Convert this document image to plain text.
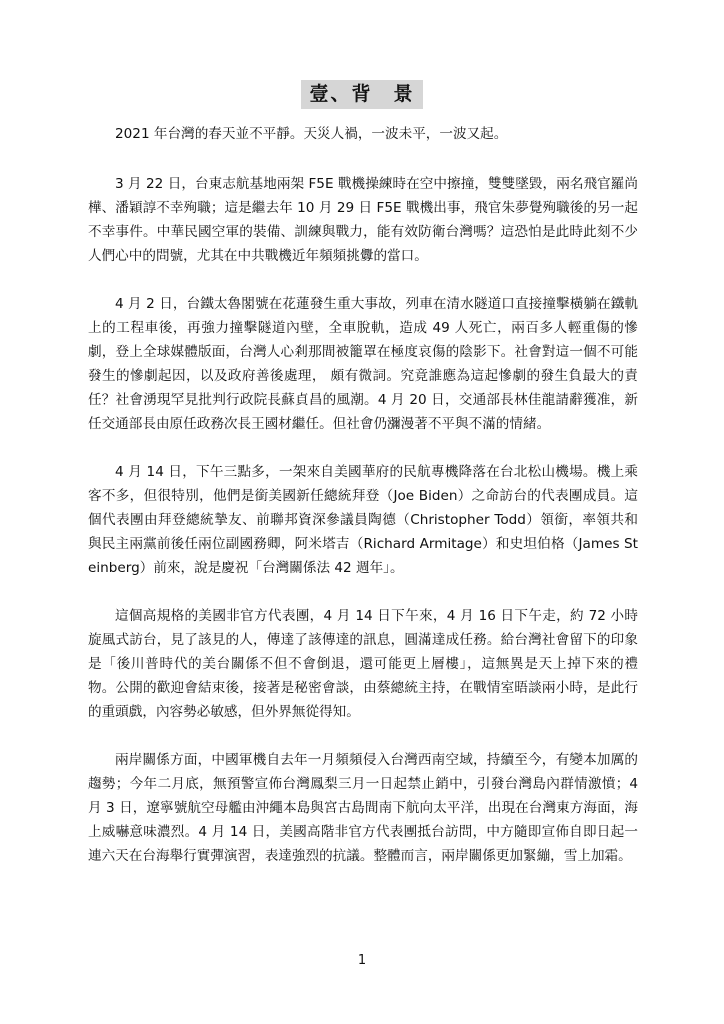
壹、背　景

2021 年台灣的春天並不平靜。天災人禍，一波未平，一波又起。

3 月 22 日，台東志航基地兩架 F5E 戰機操練時在空中擦撞，雙雙墜毀，兩名飛官羅尚樺、潘穎諄不幸殉職；這是繼去年 10 月 29 日 F5E 戰機出事，飛官朱夢覺殉職後的另一起不幸事件。中華民國空軍的裝備、訓練與戰力，能有效防衛台灣嗎？這恐怕是此時此刻不少人們心中的問號，尤其在中共戰機近年頻頻挑釁的當口。

4 月 2 日，台鐵太魯閣號在花蓮發生重大事故，列車在清水隧道口直接撞擊橫躺在鐵軌上的工程車後，再強力撞擊隧道內壁，全車脫軌，造成 49 人死亡，兩百多人輕重傷的慘劇，登上全球媒體版面，台灣人心剎那間被籠罩在極度哀傷的陰影下。社會對這一個不可能發生的慘劇起因，以及政府善後處理， 頗有微詞。究竟誰應為這起慘劇的發生負最大的責任？社會湧現罕見批判行政院長蘇貞昌的風潮。4 月 20 日，交通部長林佳龍請辭獲准，新任交通部長由原任政務次長王國材繼任。但社會仍瀰漫著不平與不滿的情緒。

4 月 14 日，下午三點多，一架來自美國華府的民航專機降落在台北松山機場。機上乘客不多，但很特別，他們是銜美國新任總統拜登（Joe Biden）之命訪台的代表團成員。這個代表團由拜登總統摯友、前聯邦資深參議員陶德（Christopher Todd）領銜，率領共和與民主兩黨前後任兩位副國務卿，阿米塔吉（Richard Armitage）和史坦伯格（James Steinberg）前來，說是慶祝「台灣關係法 42 週年」。

這個高規格的美國非官方代表團，4 月 14 日下午來，4 月 16 日下午走，約 72 小時旋風式訪台，見了該見的人，傳達了該傳達的訊息，圓滿達成任務。給台灣社會留下的印象是「後川普時代的美台關係不但不會倒退，還可能更上層樓」，這無異是天上掉下來的禮物。公開的歡迎會結束後，接著是秘密會談，由蔡總統主持，在戰情室晤談兩小時，是此行的重頭戲，內容勢必敏感，但外界無從得知。

兩岸關係方面，中國軍機自去年一月頻頻侵入台灣西南空域，持續至今，有變本加厲的趨勢；今年二月底，無預警宣佈台灣鳳梨三月一日起禁止銷中，引發台灣島內群情激憤；4 月 3 日，遼寧號航空母艦由沖繩本島與宮古島間南下航向太平洋，出現在台灣東方海面，海上威嚇意味濃烈。4 月 14 日，美國高階非官方代表團抵台訪問，中方隨即宣佈自即日起一連六天在台海舉行實彈演習，表達強烈的抗議。整體而言，兩岸關係更加緊繃，雪上加霜。

1
